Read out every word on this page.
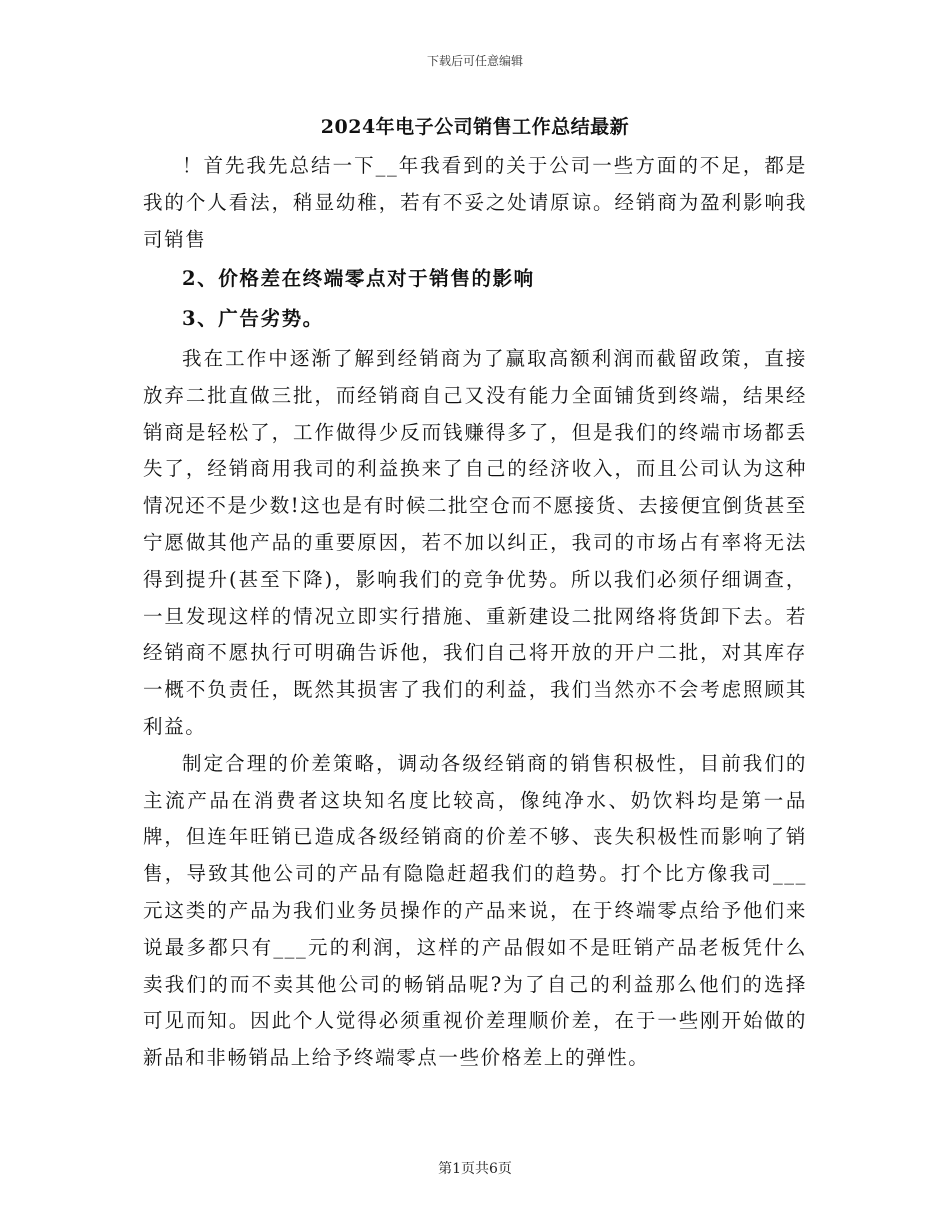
下载后可任意编辑
2024年电子公司销售工作总结最新

！首先我先总结一下__年我看到的关于公司一些方面的不足，都是我的个人看法，稍显幼稚，若有不妥之处请原谅。经销商为盈利影响我司销售

2、价格差在终端零点对于销售的影响

3、广告劣势。

我在工作中逐渐了解到经销商为了赢取高额利润而截留政策，直接放弃二批直做三批，而经销商自己又没有能力全面铺货到终端，结果经销商是轻松了，工作做得少反而钱赚得多了，但是我们的终端市场都丢失了，经销商用我司的利益换来了自己的经济收入，而且公司认为这种情况还不是少数!这也是有时候二批空仓而不愿接货、去接便宜倒货甚至宁愿做其他产品的重要原因，若不加以纠正，我司的市场占有率将无法得到提升(甚至下降)，影响我们的竞争优势。所以我们必须仔细调查，一旦发现这样的情况立即实行措施、重新建设二批网络将货卸下去。若经销商不愿执行可明确告诉他，我们自己将开放的开户二批，对其库存一概不负责任，既然其损害了我们的利益，我们当然亦不会考虑照顾其利益。

制定合理的价差策略，调动各级经销商的销售积极性，目前我们的主流产品在消费者这块知名度比较高，像纯净水、奶饮料均是第一品牌，但连年旺销已造成各级经销商的价差不够、丧失积极性而影响了销售，导致其他公司的产品有隐隐赶超我们的趋势。打个比方像我司___元这类的产品为我们业务员操作的产品来说，在于终端零点给予他们来说最多都只有___元的利润，这样的产品假如不是旺销产品老板凭什么卖我们的而不卖其他公司的畅销品呢?为了自己的利益那么他们的选择可见而知。因此个人觉得必须重视价差理顺价差，在于一些刚开始做的新品和非畅销品上给予终端零点一些价格差上的弹性。

第1页共6页
